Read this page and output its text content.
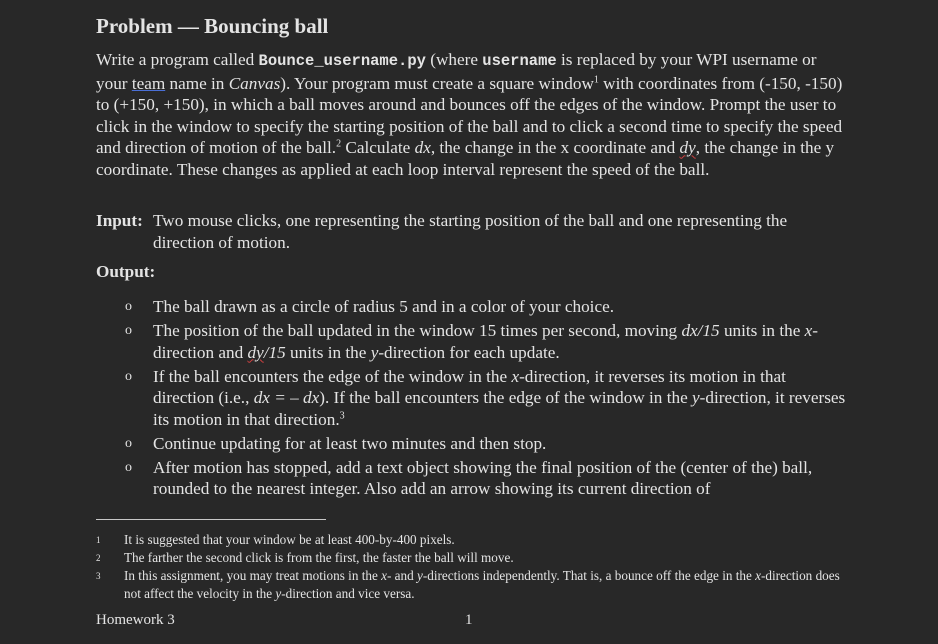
Problem — Bouncing ball
Write a program called Bounce_username.py (where username is replaced by your WPI username or your team name in Canvas). Your program must create a square window$^1$ with coordinates from (-150, -150) to (+150, +150), in which a ball moves around and bounces off the edges of the window. Prompt the user to click in the window to specify the starting position of the ball and to click a second time to specify the speed and direction of motion of the ball.$^2$ Calculate dx, the change in the x coordinate and dy, the change in the y coordinate. These changes as applied at each loop interval represent the speed of the ball.
Input: Two mouse clicks, one representing the starting position of the ball and one representing the direction of motion.
Output:
o The ball drawn as a circle of radius 5 and in a color of your choice.
o The position of the ball updated in the window 15 times per second, moving dx/15 units in the x-direction and dy/15 units in the y-direction for each update.
o If the ball encounters the edge of the window in the x-direction, it reverses its motion in that direction (i.e., dx = – dx). If the ball encounters the edge of the window in the y-direction, it reverses its motion in that direction.$^3$
o Continue updating for at least two minutes and then stop.
o After motion has stopped, add a text object showing the final position of the (center of the) ball, rounded to the nearest integer. Also add an arrow showing its current direction of
1 It is suggested that your window be at least 400-by-400 pixels.
2 The farther the second click is from the first, the faster the ball will move.
3 In this assignment, you may treat motions in the x- and y-directions independently. That is, a bounce off the edge in the x-direction does not affect the velocity in the y-direction and vice versa.
Homework 3	1
